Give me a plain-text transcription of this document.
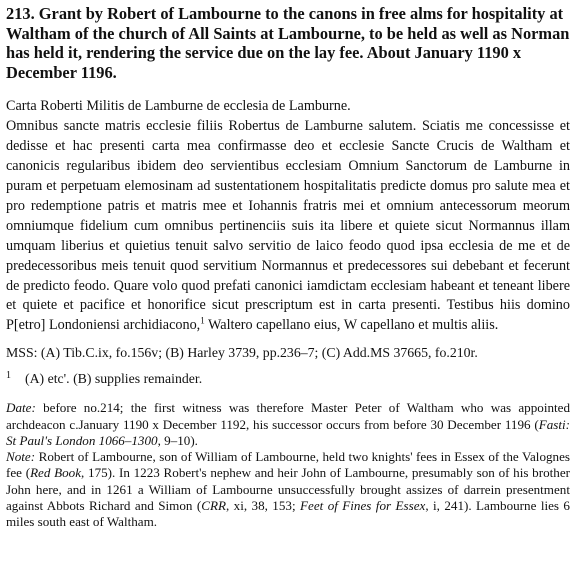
213. Grant by Robert of Lambourne to the canons in free alms for hospitality at Waltham of the church of All Saints at Lambourne, to be held as well as Norman has held it, rendering the service due on the lay fee. About January 1190 x December 1196.

Carta Roberti Militis de Lamburne de ecclesia de Lamburne.

Omnibus sancte matris ecclesie filiis Robertus de Lamburne salutem. Sciatis me concessisse et dedisse et hac presenti carta mea confirmasse deo et ecclesie Sancte Crucis de Waltham et canonicis regularibus ibidem deo servientibus ecclesiam Omnium Sanctorum de Lamburne in puram et perpetuam elemosinam ad sustentationem hospitalitatis predicte domus pro salute mea et pro redemptione patris et matris mee et Iohannis fratris mei et omnium antecessorum meorum omniumque fidelium cum omnibus pertinenciis suis ita libere et quiete sicut Normannus illam umquam liberius et quietius tenuit salvo servitio de laico feodo quod ipsa ecclesia de me et de predecessoribus meis tenuit quod servitium Normannus et predecessores sui debebant et fecerunt de predicto feodo. Quare volo quod prefati canonici iamdictam ecclesiam habeant et teneant libere et quiete et pacifice et honorifice sicut prescriptum est in carta presenti. Testibus hiis domino P[etro] Londoniensi archidiacono,$^1$ Waltero capellano eius, W capellano et multis aliis.

MSS: (A) Tib.C.ix, fo.156v; (B) Harley 3739, pp.236–7; (C) Add.MS 37665, fo.210r.
$^1$ (A) etc'. (B) supplies remainder.

Date: before no.214; the first witness was therefore Master Peter of Waltham who was appointed archdeacon c.January 1190 x December 1192, his successor occurs from before 30 December 1196 (Fasti: St Paul's London 1066–1300, 9–10).

Note: Robert of Lambourne, son of William of Lambourne, held two knights' fees in Essex of the Valognes fee (Red Book, 175). In 1223 Robert's nephew and heir John of Lambourne, presumably son of his brother John here, and in 1261 a William of Lambourne unsuccessfully brought assizes of darrein presentment against Abbots Richard and Simon (CRR, xi, 38, 153; Feet of Fines for Essex, i, 241). Lambourne lies 6 miles south east of Waltham.
